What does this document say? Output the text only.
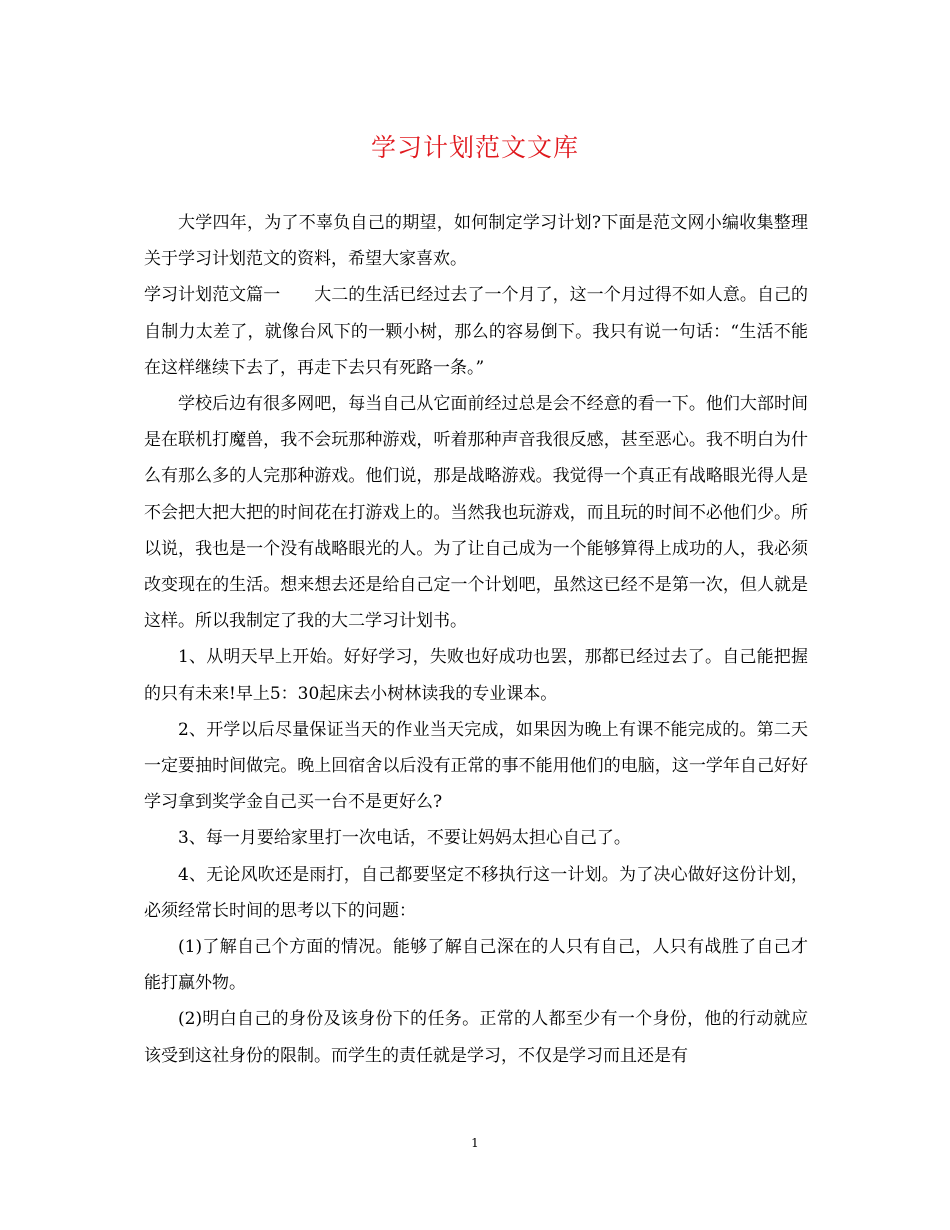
学习计划范文文库

大学四年，为了不辜负自己的期望，如何制定学习计划?下面是范文网小编收集整理关于学习计划范文的资料，希望大家喜欢。

学习计划范文篇一 大二的生活已经过去了一个月了，这一个月过得不如人意。自己的自制力太差了，就像台风下的一颗小树，那么的容易倒下。我只有说一句话：“生活不能在这样继续下去了，再走下去只有死路一条。”

学校后边有很多网吧，每当自己从它面前经过总是会不经意的看一下。他们大部时间是在联机打魔兽，我不会玩那种游戏，听着那种声音我很反感，甚至恶心。我不明白为什么有那么多的人完那种游戏。他们说，那是战略游戏。我觉得一个真正有战略眼光得人是不会把大把大把的时间花在打游戏上的。当然我也玩游戏，而且玩的时间不必他们少。所以说，我也是一个没有战略眼光的人。为了让自己成为一个能够算得上成功的人，我必须改变现在的生活。想来想去还是给自己定一个计划吧，虽然这已经不是第一次，但人就是这样。所以我制定了我的大二学习计划书。

1、从明天早上开始。好好学习，失败也好成功也罢，那都已经过去了。自己能把握的只有未来!早上5：30起床去小树林读我的专业课本。

2、开学以后尽量保证当天的作业当天完成，如果因为晚上有课不能完成的。第二天一定要抽时间做完。晚上回宿舍以后没有正常的事不能用他们的电脑，这一学年自己好好学习拿到奖学金自己买一台不是更好么?

3、每一月要给家里打一次电话，不要让妈妈太担心自己了。

4、无论风吹还是雨打，自己都要坚定不移执行这一计划。为了决心做好这份计划，必须经常长时间的思考以下的问题：

(1)了解自己个方面的情况。能够了解自己深在的人只有自己，人只有战胜了自己才能打赢外物。

(2)明白自己的身份及该身份下的任务。正常的人都至少有一个身份，他的行动就应该受到这社身份的限制。而学生的责任就是学习，不仅是学习而且还是有

1
